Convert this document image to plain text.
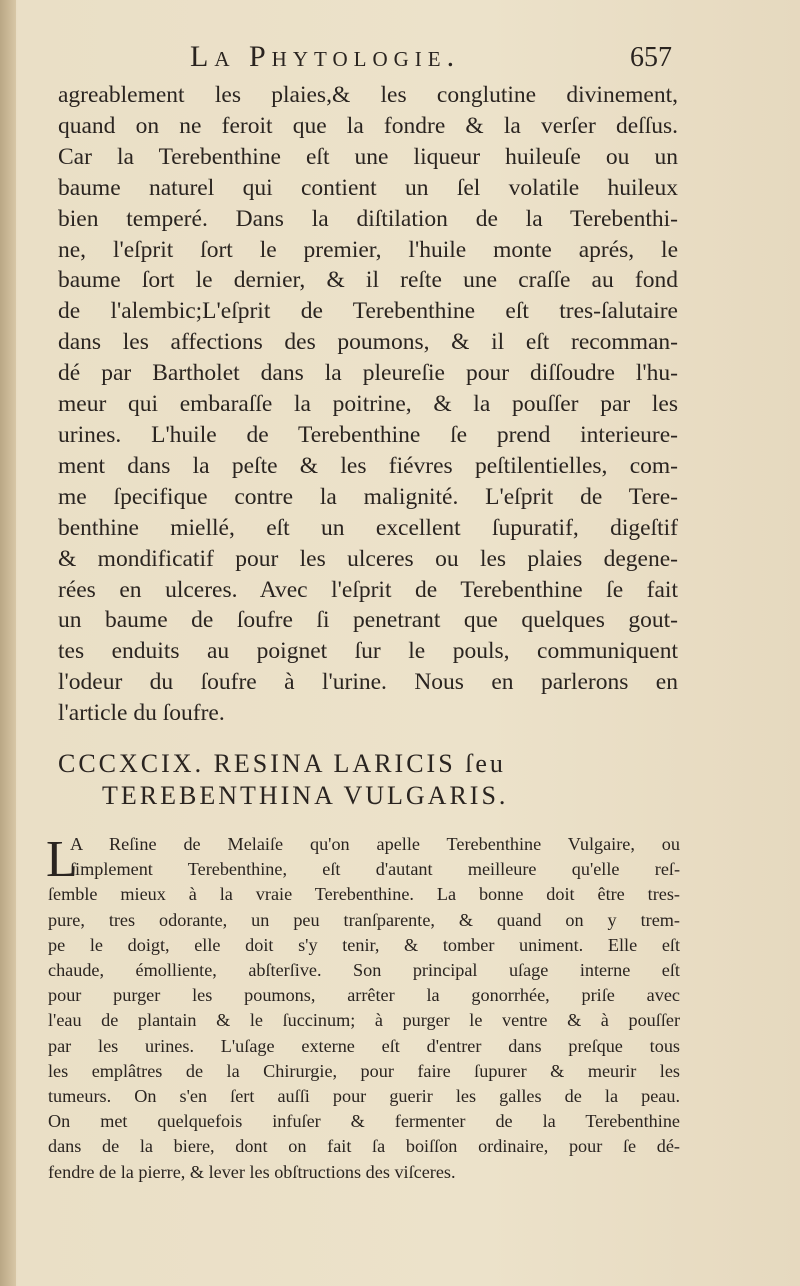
La Phytologie.	657
agreablement les plaies,& les conglutine divinement,
quand on ne feroit que la fondre & la verſer deſſus.
Car la Terebenthine eſt une liqueur huileuſe ou un
baume naturel qui contient un ſel volatile huileux
bien temperé. Dans la diſtilation de la Terebenthi-
ne, l'eſprit ſort le premier, l'huile monte aprés, le
baume ſort le dernier, & il reſte une craſſe au fond
de l'alembic;L'eſprit de Terebenthine eſt tres-ſalutaire
dans les affections des poumons, & il eſt recomman-
dé par Bartholet dans la pleureſie pour diſſoudre l'hu-
meur qui embaraſſe la poitrine, & la pouſſer par les
urines. L'huile de Terebenthine ſe prend interieure-
ment dans la peſte & les fiévres peſtilentielles, com-
me ſpecifique contre la malignité. L'eſprit de Tere-
benthine miellé, eſt un excellent ſupuratif, digeſtif
& mondificatif pour les ulceres ou les plaies degene-
rées en ulceres. Avec l'eſprit de Terebenthine ſe fait
un baume de ſoufre ſi penetrant que quelques gout-
tes enduits au poignet ſur le pouls, communiquent
l'odeur du ſoufre à l'urine. Nous en parlerons en
l'article du ſoufre.
CCCXCIX. RESINA LARICIS ſeu
TEREBENTHINA VULGARIS.
L
A Reſine de Melaiſe qu'on apelle Terebenthine Vulgaire, ou
ſimplement Terebenthine, eſt d'autant meilleure qu'elle reſ-
ſemble mieux à la vraie Terebenthine. La bonne doit être tres-
pure, tres odorante, un peu tranſparente, & quand on y trem-
pe le doigt, elle doit s'y tenir, & tomber uniment. Elle eſt
chaude, émolliente, abſterſive. Son principal uſage interne eſt
pour purger les poumons, arrêter la gonorrhée, priſe avec
l'eau de plantain & le ſuccinum; à purger le ventre & à pouſſer
par les urines. L'uſage externe eſt d'entrer dans preſque tous
les emplâtres de la Chirurgie, pour faire ſupurer & meurir les
tumeurs. On s'en ſert auſſi pour guerir les galles de la peau.
On met quelquefois infuſer & fermenter de la Terebenthine
dans de la biere, dont on fait ſa boiſſon ordinaire, pour ſe dé-
fendre de la pierre, & lever les obſtructions des viſceres.
